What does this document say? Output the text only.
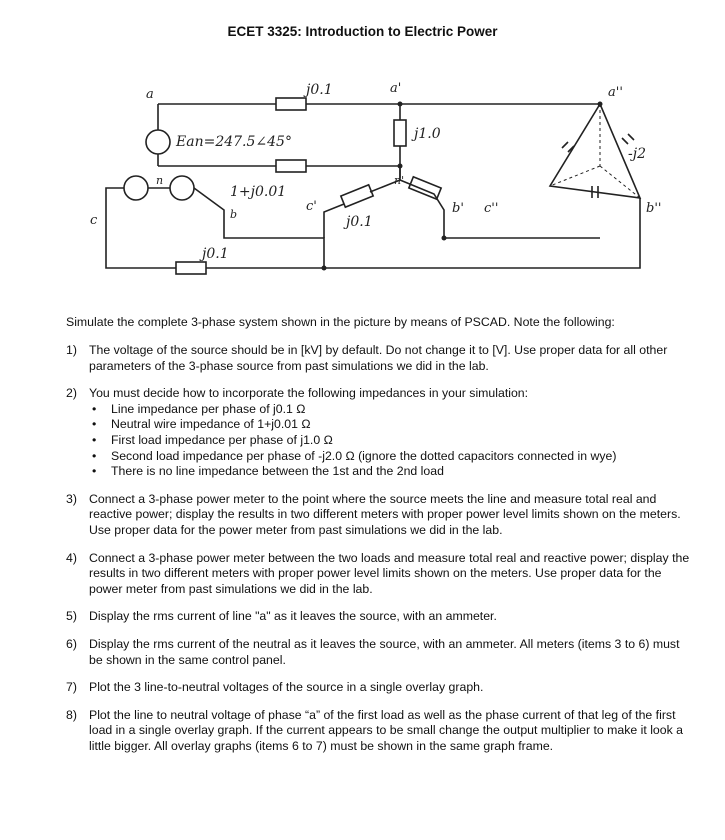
ECET 3325: Introduction to Electric Power
a	a'	a''
Ean=247.5∠45°
j0.1
j1.0
n
1+j0.01
b
c
c'
n'
j0.1
b' c''	b''
-j2
j0.1
Simulate the complete 3-phase system shown in the picture by means of PSCAD. Note the following:
1) The voltage of the source should be in [kV] by default. Do not change it to [V]. Use proper data for all other parameters of the 3-phase source from past simulations we did in the lab.
2) You must decide how to incorporate the following impedances in your simulation:
• Line impedance per phase of j0.1 Ω
• Neutral wire impedance of 1+j0.01 Ω
• First load impedance per phase of j1.0 Ω
• Second load impedance per phase of -j2.0 Ω (ignore the dotted capacitors connected in wye)
• There is no line impedance between the 1st and the 2nd load
3) Connect a 3-phase power meter to the point where the source meets the line and measure total real and reactive power; display the results in two different meters with proper power level limits shown on the meters. Use proper data for the power meter from past simulations we did in the lab.
4) Connect a 3-phase power meter between the two loads and measure total real and reactive power; display the results in two different meters with proper power level limits shown on the meters. Use proper data for the power meter from past simulations we did in the lab.
5) Display the rms current of line "a" as it leaves the source, with an ammeter.
6) Display the rms current of the neutral as it leaves the source, with an ammeter. All meters (items 3 to 6) must be shown in the same control panel.
7) Plot the 3 line-to-neutral voltages of the source in a single overlay graph.
8) Plot the line to neutral voltage of phase “a” of the first load as well as the phase current of that leg of the first load in a single overlay graph. If the current appears to be small change the output multiplier to make it look a little bigger. All overlay graphs (items 6 to 7) must be shown in the same graph frame.
